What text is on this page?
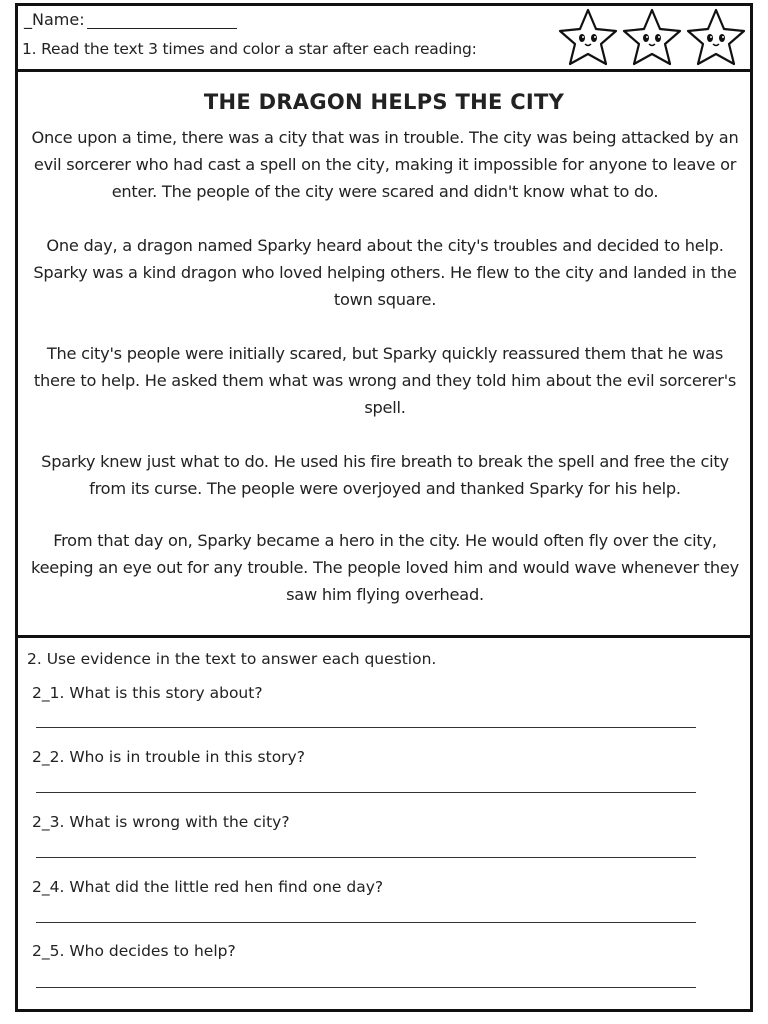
_Name:
1. Read the text 3 times and color a star after each reading:
THE DRAGON HELPS THE CITY

Once upon a time, there was a city that was in trouble. The city was being attacked by an evil sorcerer who had cast a spell on the city, making it impossible for anyone to leave or enter. The people of the city were scared and didn't know what to do.

One day, a dragon named Sparky heard about the city's troubles and decided to help. Sparky was a kind dragon who loved helping others. He flew to the city and landed in the town square.

The city's people were initially scared, but Sparky quickly reassured them that he was there to help. He asked them what was wrong and they told him about the evil sorcerer's spell.

Sparky knew just what to do. He used his fire breath to break the spell and free the city from its curse. The people were overjoyed and thanked Sparky for his help.

From that day on, Sparky became a hero in the city. He would often fly over the city, keeping an eye out for any trouble. The people loved him and would wave whenever they saw him flying overhead.

2. Use evidence in the text to answer each question.
2_1. What is this story about?
2_2. Who is in trouble in this story?
2_3. What is wrong with the city?
2_4. What did the little red hen find one day?
2_5. Who decides to help?
